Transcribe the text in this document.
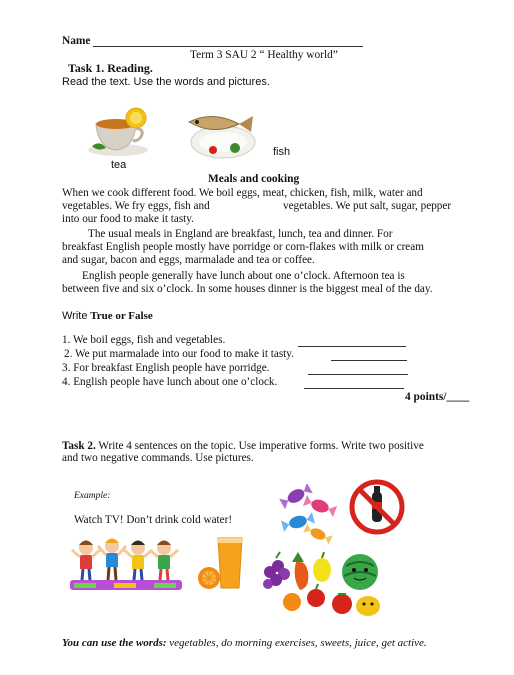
Name
Term 3 SAU 2 “ Healthy world”
Task 1. Reading.
Read the text. Use the words and pictures.
fish
tea
Meals and cooking
When we cook different food. We boil eggs, meat, chicken, fish, milk, water and
vegetables. We fry eggs, fish and	vegetables. We put salt, sugar, pepper
into our food to make it tasty.
The usual meals in England are breakfast, lunch, tea and dinner. For
breakfast English people mostly have porridge or corn-flakes with milk or cream
and sugar, bacon and eggs, marmalade and tea or coffee.
English people generally have lunch about one o’clock. Afternoon tea is
between five and six o’clock. In some houses dinner is the biggest meal of the day.
Write True or False
1. We boil eggs, fish and vegetables.
2. We put marmalade into our food to make it tasty.
3. For breakfast English people have porridge.
4. English people have lunch about one o’clock.
4 points/____
Task 2. Write 4 sentences on the topic. Use imperative forms. Write two positive
and two negative commands. Use pictures.
Example:
Watch TV! Don’t drink cold water!
You can use the words: vegetables, do morning exercises, sweets, juice, get active.
